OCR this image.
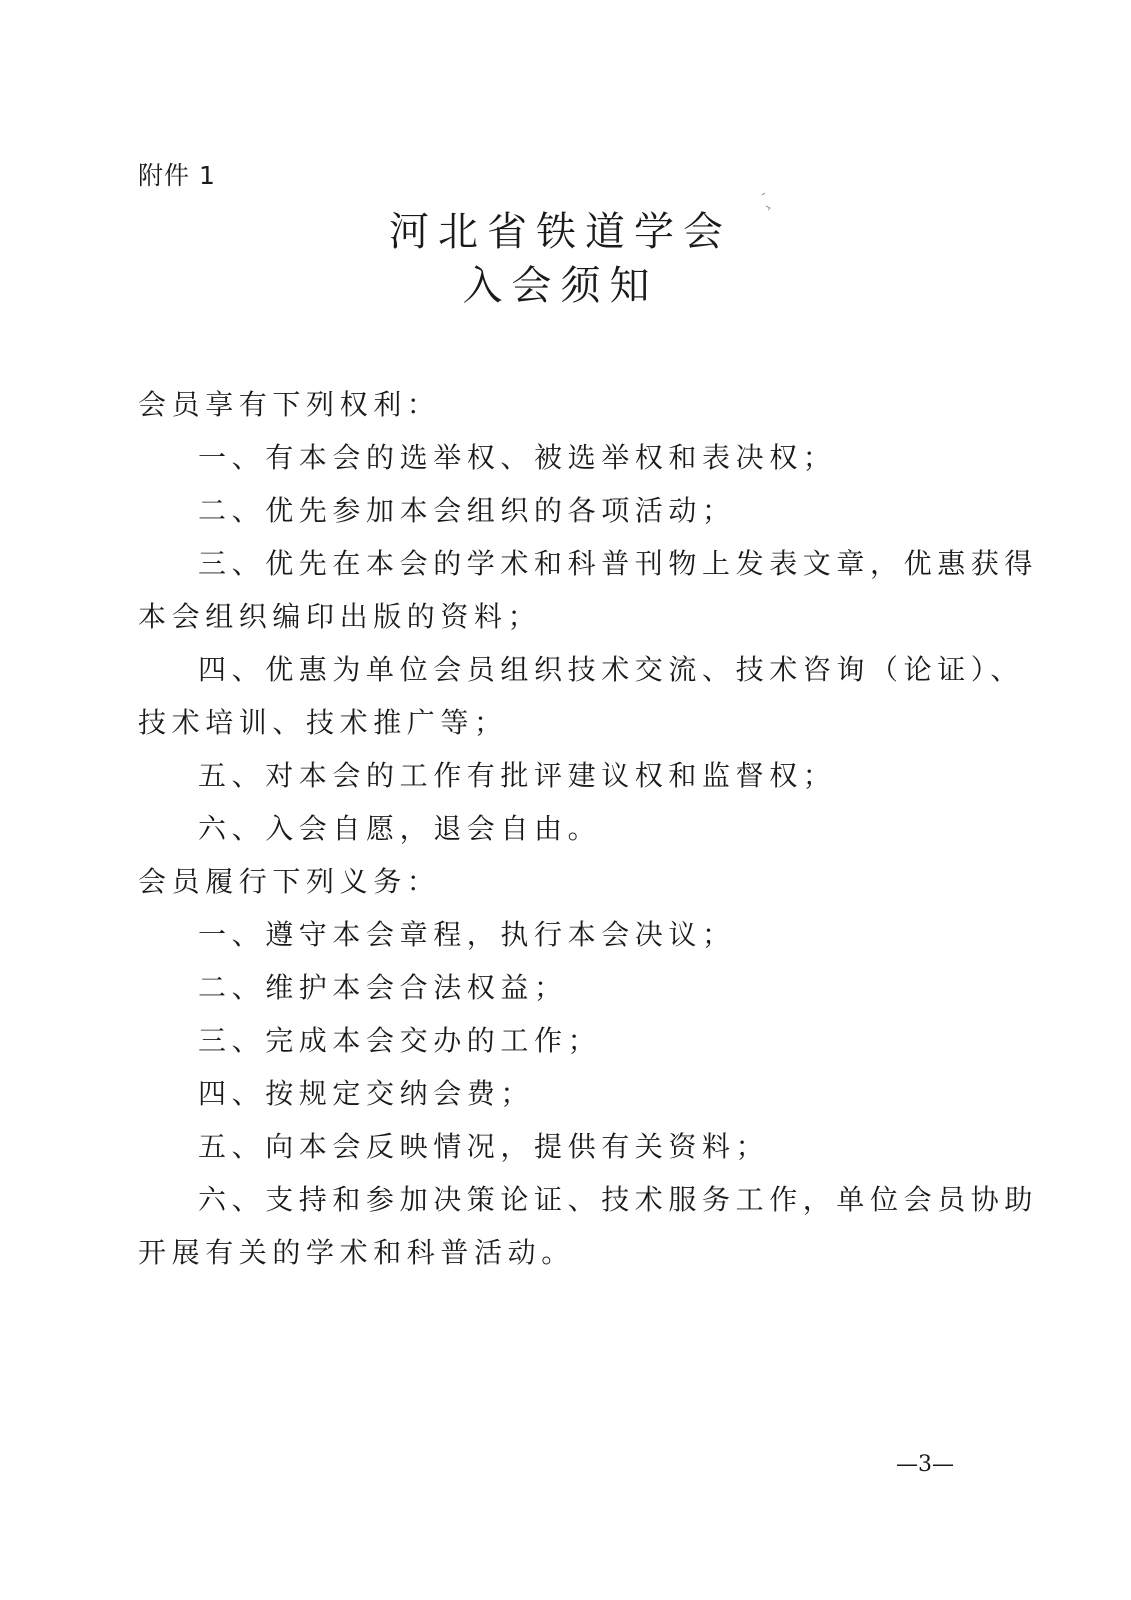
附件 1
河北省铁道学会
入会须知
会员享有下列权利：
一、有本会的选举权、被选举权和表决权；
二、优先参加本会组织的各项活动；
三、优先在本会的学术和科普刊物上发表文章，优惠获得
本会组织编印出版的资料；
四、优惠为单位会员组织技术交流、技术咨询（论证）、
技术培训、技术推广等；
五、对本会的工作有批评建议权和监督权；
六、入会自愿，退会自由。
会员履行下列义务：
一、遵守本会章程，执行本会决议；
二、维护本会合法权益；
三、完成本会交办的工作；
四、按规定交纳会费；
五、向本会反映情况，提供有关资料；
六、支持和参加决策论证、技术服务工作，单位会员协助
开展有关的学术和科普活动。
—3—
